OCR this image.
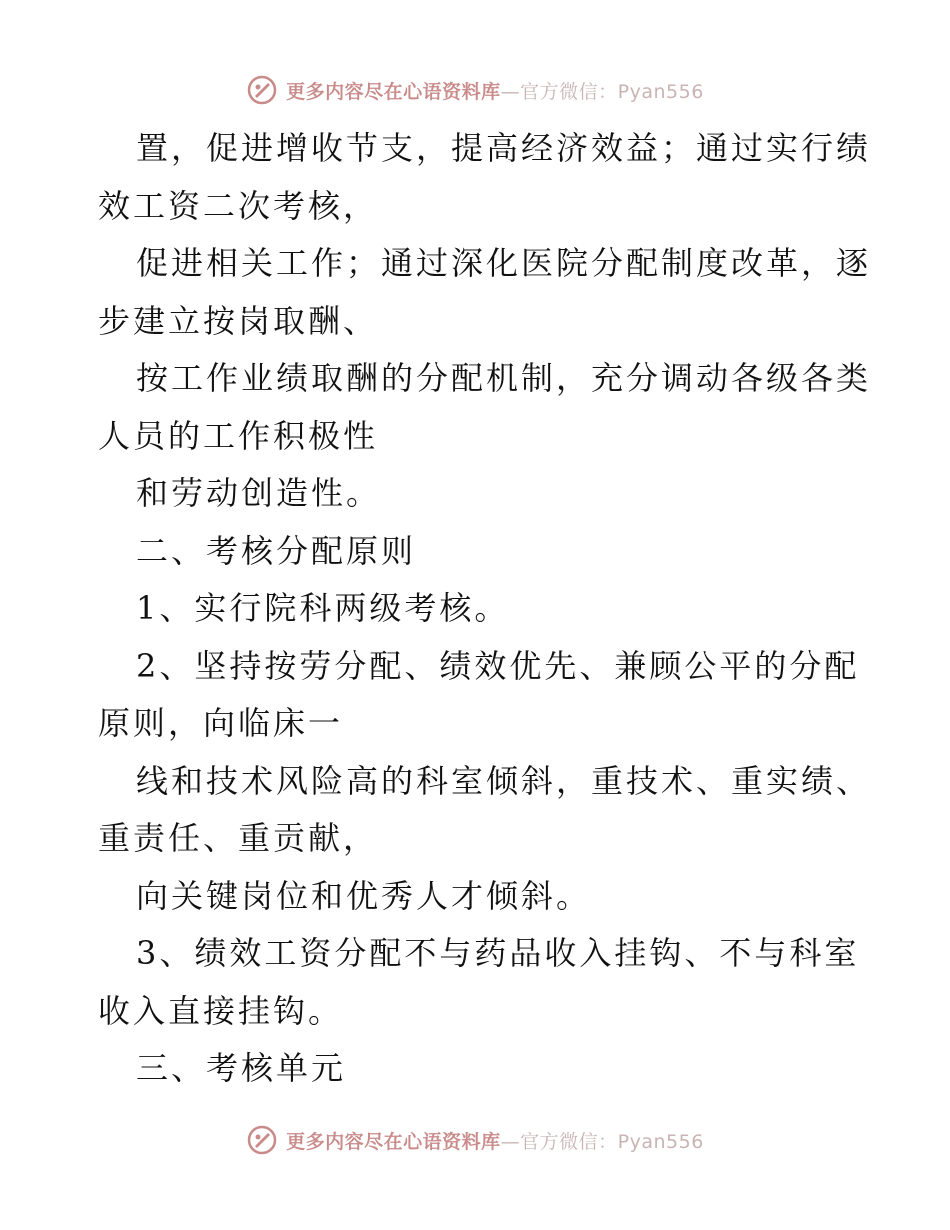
更多内容尽在心语资料库—官方微信：Pyan556
置，促进增收节支，提高经济效益；通过实行绩
效工资二次考核，
促进相关工作；通过深化医院分配制度改革，逐
步建立按岗取酬、
按工作业绩取酬的分配机制，充分调动各级各类
人员的工作积极性
和劳动创造性。
二、考核分配原则
1、实行院科两级考核。
2、坚持按劳分配、绩效优先、兼顾公平的分配
原则，向临床一
线和技术风险高的科室倾斜，重技术、重实绩、
重责任、重贡献，
向关键岗位和优秀人才倾斜。
3、绩效工资分配不与药品收入挂钩、不与科室
收入直接挂钩。
三、考核单元
更多内容尽在心语资料库—官方微信：Pyan556
